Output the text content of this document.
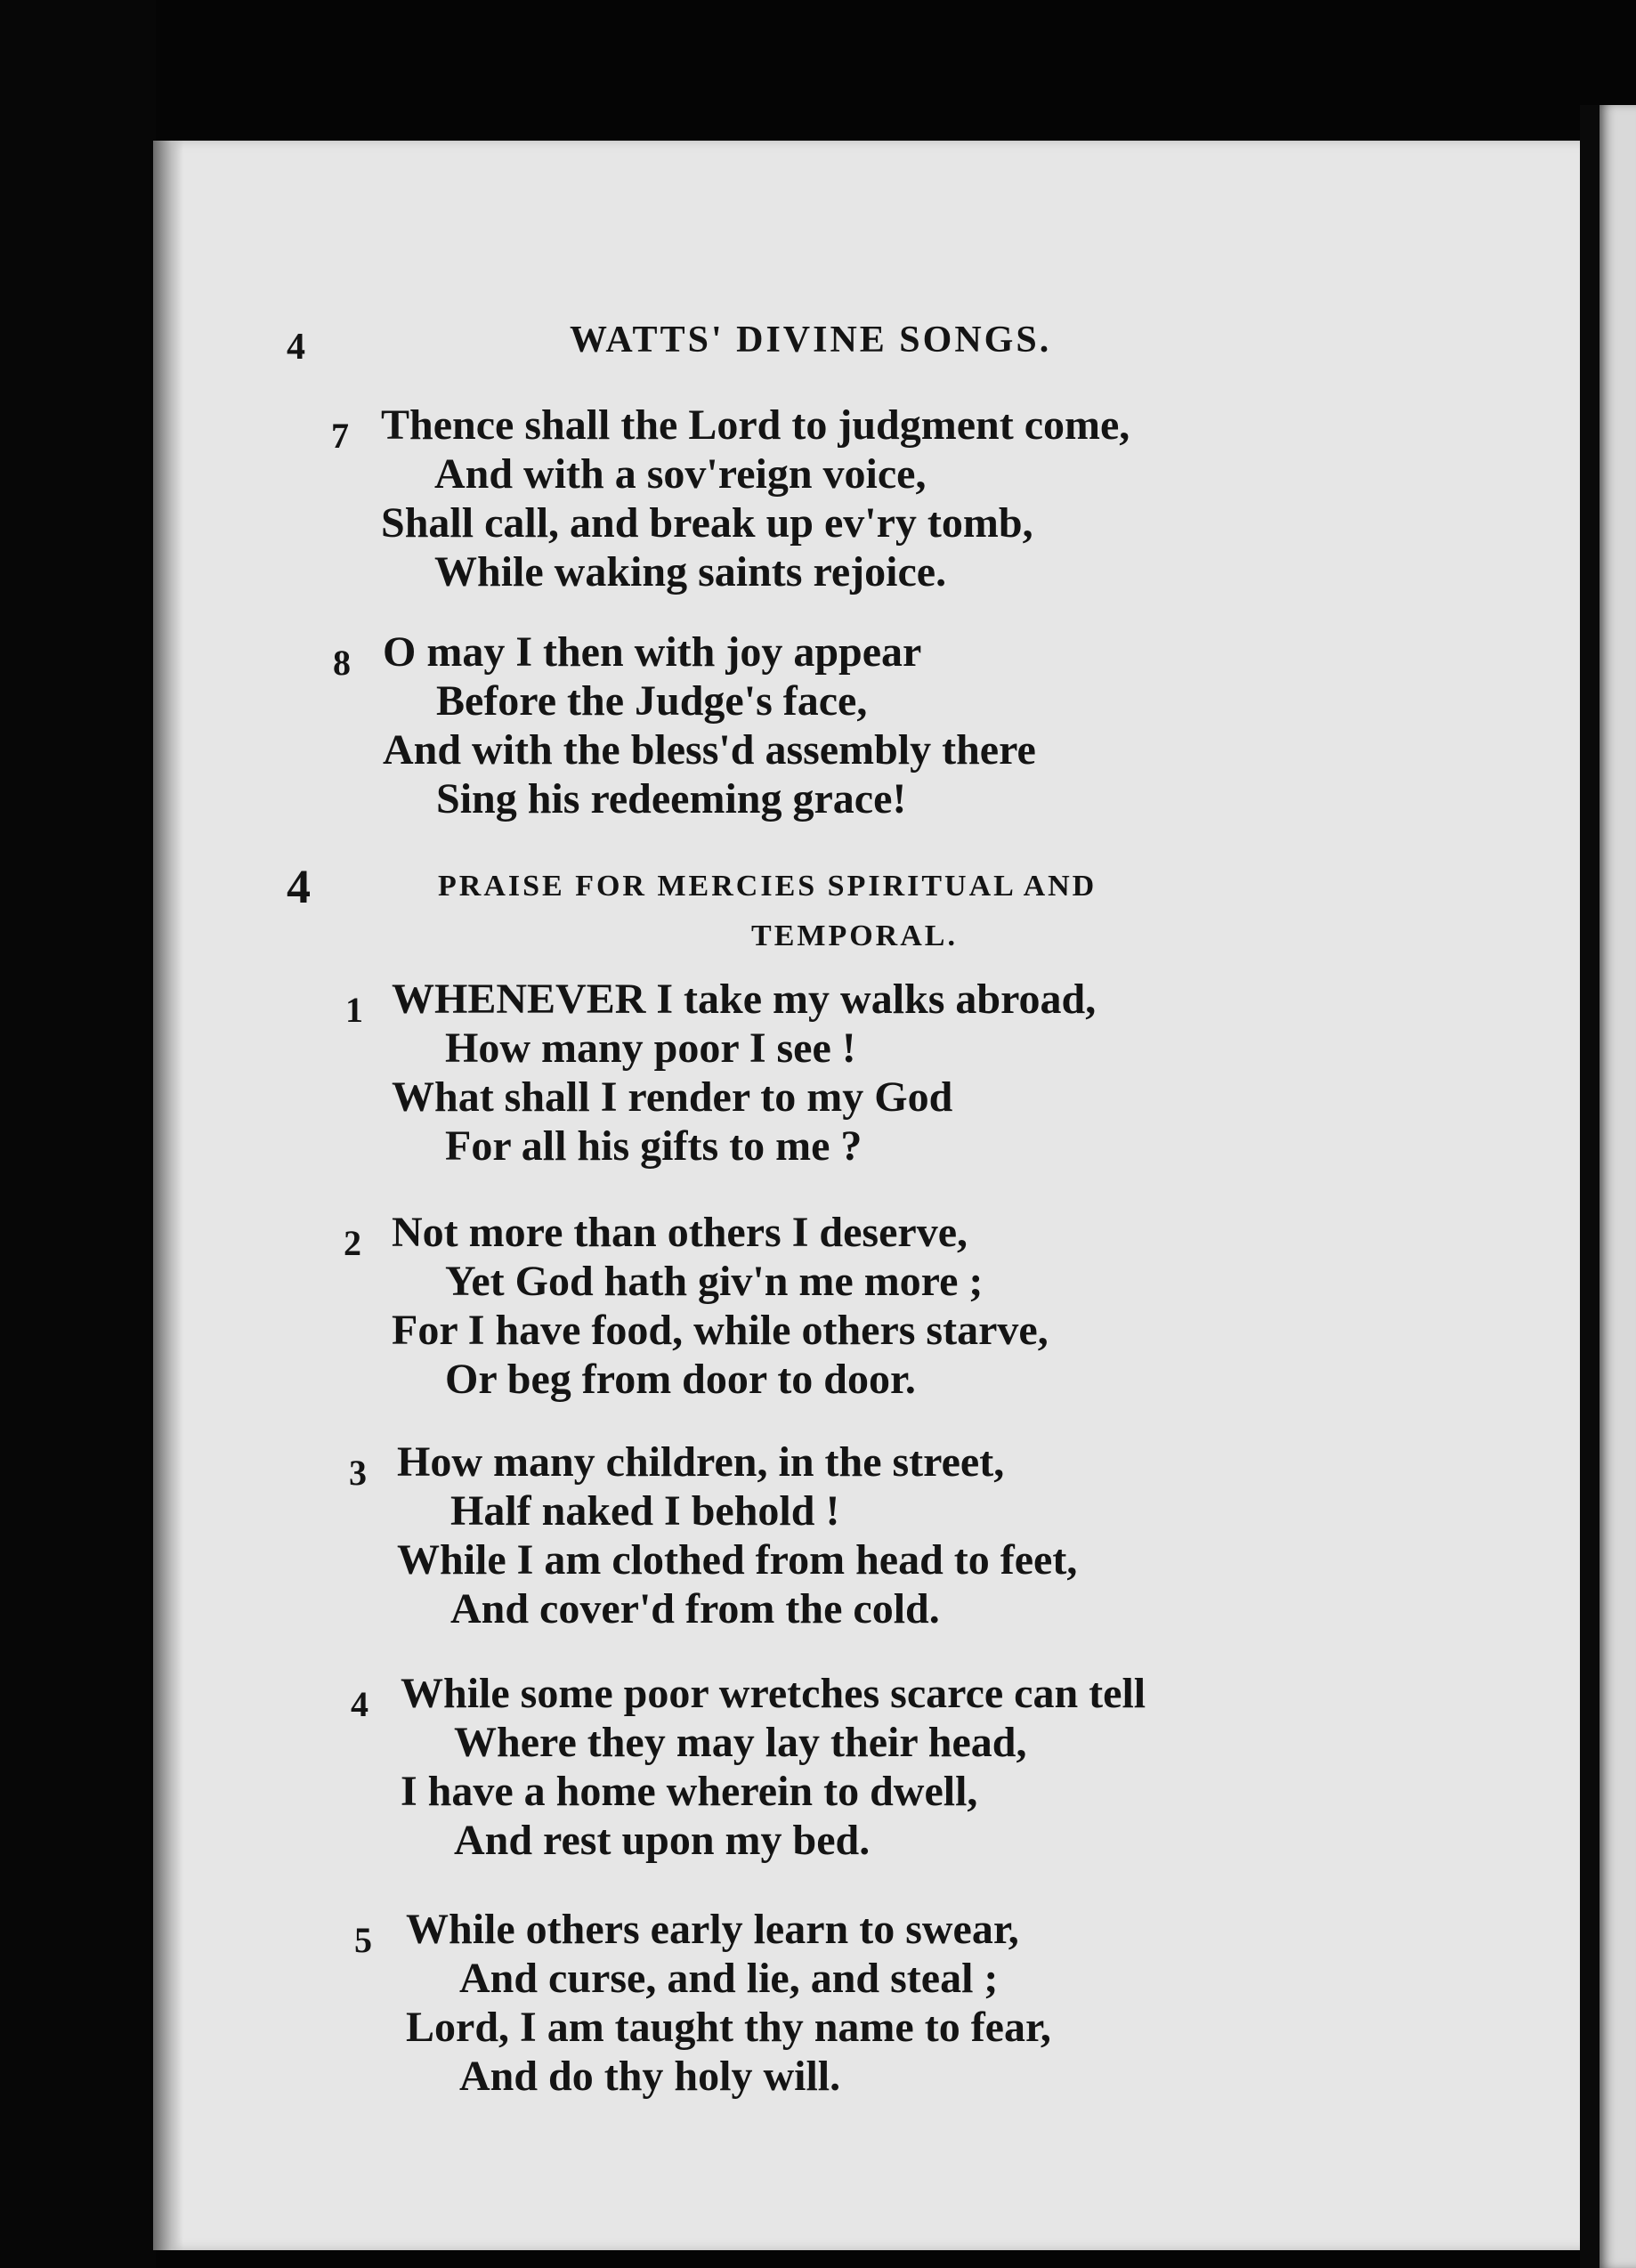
4	WATTS' DIVINE SONGS.
7 Thence shall the Lord to judgment come,
And with a sov'reign voice,
Shall call, and break up ev'ry tomb,
While waking saints rejoice.
8 O may I then with joy appear
Before the Judge's face,
And with the bless'd assembly there
Sing his redeeming grace!
4	PRAISE FOR MERCIES SPIRITUAL AND
TEMPORAL.
1 WHENEVER I take my walks abroad,
How many poor I see !
What shall I render to my God
For all his gifts to me ?
2 Not more than others I deserve,
Yet God hath giv'n me more ;
For I have food, while others starve,
Or beg from door to door.
3 How many children, in the street,
Half naked I behold !
While I am clothed from head to feet,
And cover'd from the cold.
4 While some poor wretches scarce can tell
Where they may lay their head,
I have a home wherein to dwell,
And rest upon my bed.
5 While others early learn to swear,
And curse, and lie, and steal ;
Lord, I am taught thy name to fear,
And do thy holy will.
